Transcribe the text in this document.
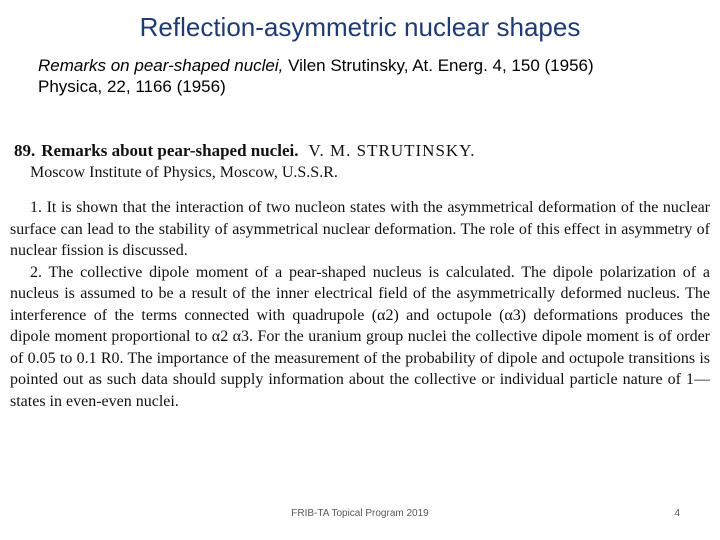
Reflection-asymmetric nuclear shapes
Remarks on pear-shaped nuclei, Vilen Strutinsky, At. Energ. 4, 150 (1956)
Physica, 22, 1166 (1956)
89. Remarks about pear-shaped nuclei. V. M. STRUTINSKY.
Moscow Institute of Physics, Moscow, U.S.S.R.

1. It is shown that the interaction of two nucleon states with the asymmetrical deformation of the nuclear surface can lead to the stability of asymmetrical nuclear deformation. The role of this effect in asymmetry of nuclear fission is discussed.

2. The collective dipole moment of a pear-shaped nucleus is calculated. The dipole polarization of a nucleus is assumed to be a result of the inner electrical field of the asymmetrically deformed nucleus. The interference of the terms connected with quadrupole (α2) and octupole (α3) deformations produces the dipole moment proportional to α2 α3. For the uranium group nuclei the collective dipole moment is of order of 0.05 to 0.1 R0. The importance of the measurement of the probability of dipole and octupole transitions is pointed out as such data should supply information about the collective or individual particle nature of 1— states in even-even nuclei.

FRIB-TA Topical Program 2019	4
